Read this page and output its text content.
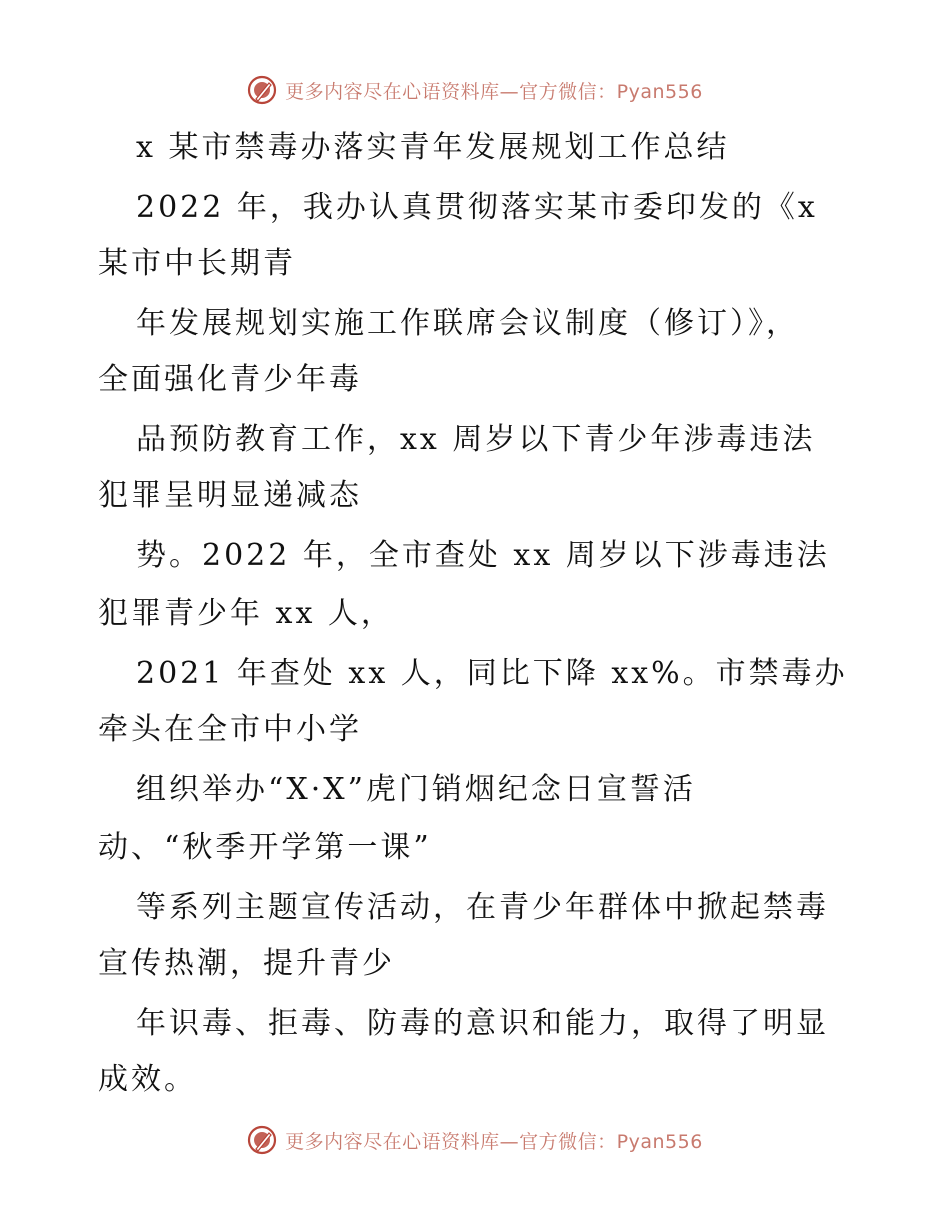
更多内容尽在心语资料库—官方微信：Pyan556
x 某市禁毒办落实青年发展规划工作总结
2022 年，我办认真贯彻落实某市委印发的《x
某市中长期青
年发展规划实施工作联席会议制度（修订）》，
全面强化青少年毒
品预防教育工作，xx 周岁以下青少年涉毒违法
犯罪呈明显递减态
势。2022 年，全市查处 xx 周岁以下涉毒违法
犯罪青少年 xx 人，
2021 年查处 xx 人，同比下降 xx%。市禁毒办
牵头在全市中小学
组织举办“X·X”虎门销烟纪念日宣誓活
动、“秋季开学第一课”
等系列主题宣传活动，在青少年群体中掀起禁毒
宣传热潮，提升青少
年识毒、拒毒、防毒的意识和能力，取得了明显
成效。
更多内容尽在心语资料库—官方微信：Pyan556
